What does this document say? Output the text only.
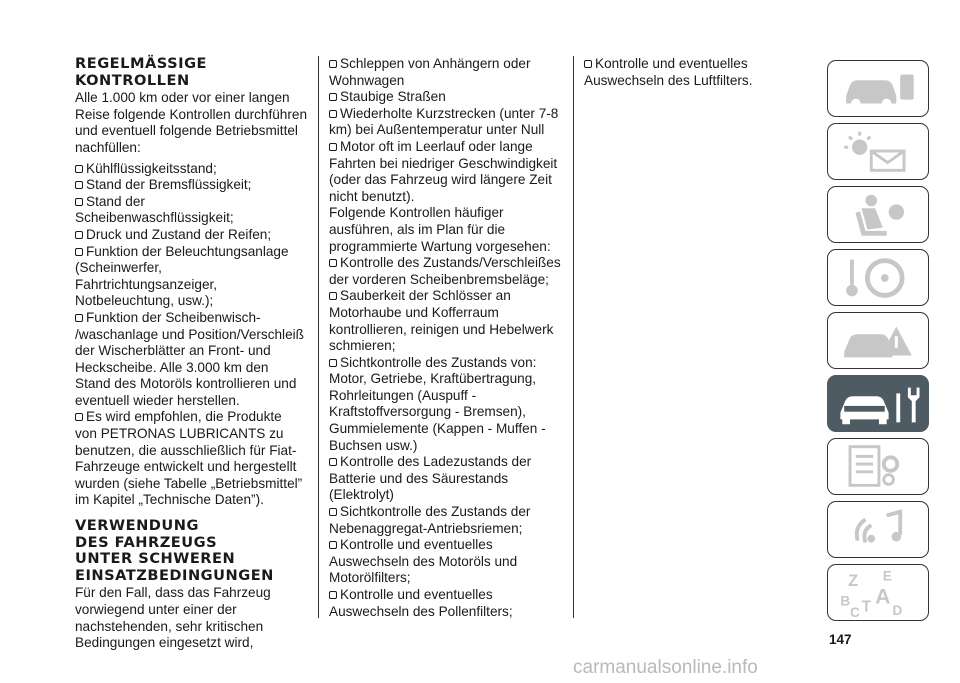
REGELMÄSSIGE
KONTROLLEN

Alle 1.000 km oder vor einer langen Reise folgende Kontrollen durchführen und eventuell folgende Betriebsmittel nachfüllen:

Kühlflüssigkeitsstand;

Stand der Bremsflüssigkeit;

Stand der Scheibenwaschflüssigkeit;

Druck und Zustand der Reifen;

Funktion der Beleuchtungsanlage (Scheinwerfer, Fahrtrichtungsanzeiger, Notbeleuchtung, usw.);

Funktion der Scheibenwisch- /waschanlage und Position/Verschleiß der Wischerblätter an Front- und Heckscheibe. Alle 3.000 km den Stand des Motoröls kontrollieren und eventuell wieder herstellen.

Es wird empfohlen, die Produkte von PETRONAS LUBRICANTS zu benutzen, die ausschließlich für Fiat-Fahrzeuge entwickelt und hergestellt wurden (siehe Tabelle „Betriebsmittel” im Kapitel „Technische Daten”).

VERWENDUNG
DES FAHRZEUGS
UNTER SCHWEREN
EINSATZBEDINGUNGEN

Für den Fall, dass das Fahrzeug vorwiegend unter einer der nachstehenden, sehr kritischen Bedingungen eingesetzt wird,

Schleppen von Anhängern oder Wohnwagen

Staubige Straßen

Wiederholte Kurzstrecken (unter 7-8 km) bei Außentemperatur unter Null

Motor oft im Leerlauf oder lange Fahrten bei niedriger Geschwindigkeit (oder das Fahrzeug wird längere Zeit nicht benutzt).

Folgende Kontrollen häufiger ausführen, als im Plan für die programmierte Wartung vorgesehen:

Kontrolle des Zustands/Verschleißes der vorderen Scheibenbremsbeläge;

Sauberkeit der Schlösser an Motorhaube und Kofferraum kontrollieren, reinigen und Hebelwerk schmieren;

Sichtkontrolle des Zustands von: Motor, Getriebe, Kraftübertragung, Rohrleitungen (Auspuff - Kraftstoffversorgung - Bremsen), Gummielemente (Kappen - Muffen - Buchsen usw.)

Kontrolle des Ladezustands der Batterie und des Säurestands (Elektrolyt)

Sichtkontrolle des Zustands der Nebenaggregat-Antriebsriemen;

Kontrolle und eventuelles Auswechseln des Motoröls und Motorölfilters;

Kontrolle und eventuelles Auswechseln des Pollenfilters;

Kontrolle und eventuelles Auswechseln des Luftfilters.

Z E
B A
C T D
147
carmanualsonline.info
